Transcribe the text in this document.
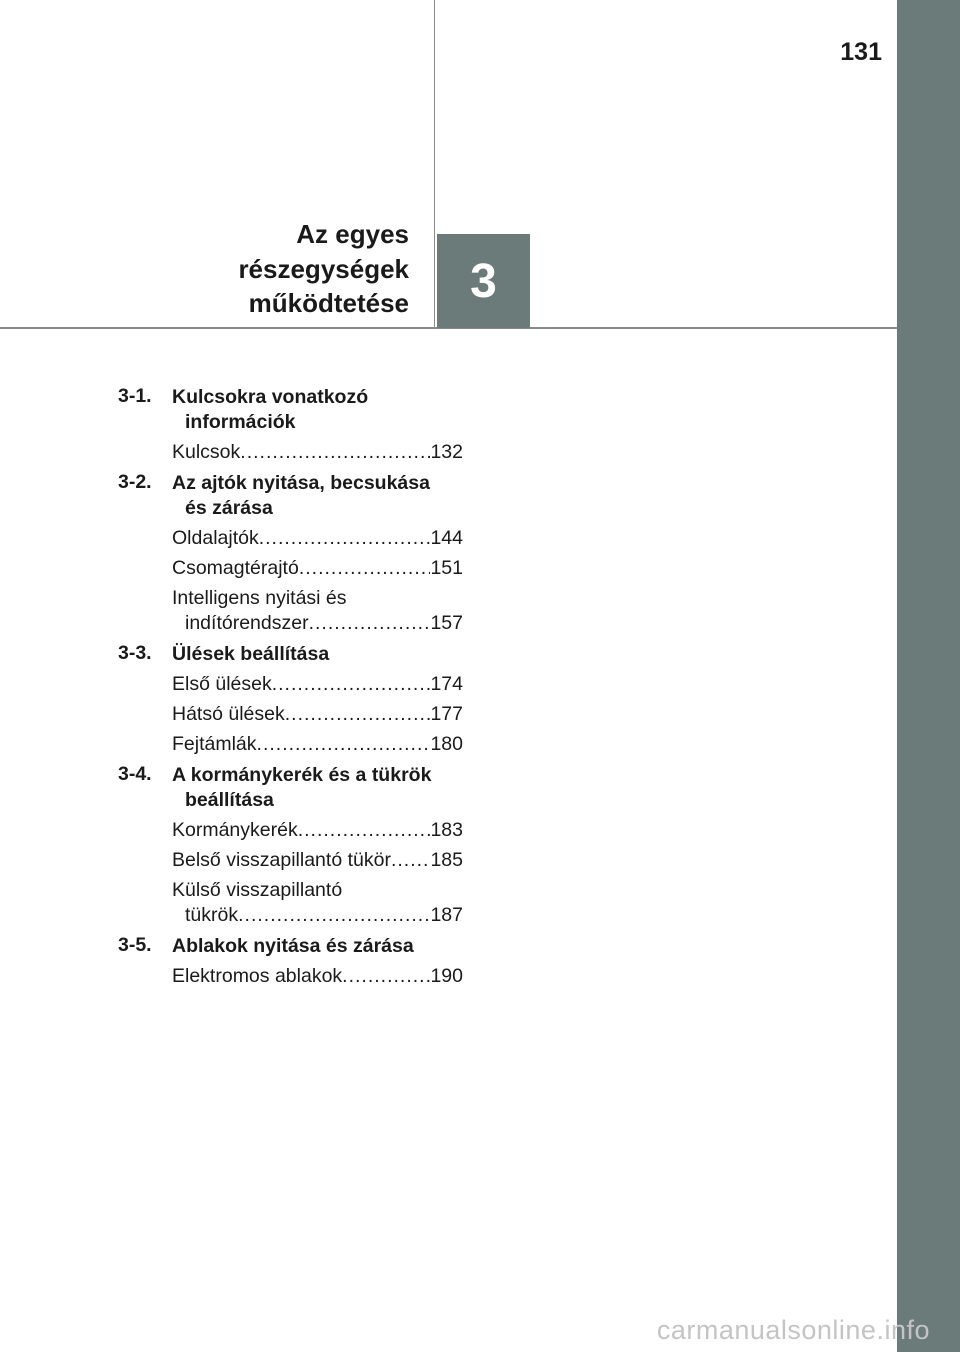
131
Az egyes
részegységek
működtetése 3
3-1. Kulcsokra vonatkozó
információk
Kulcsok .....	132
3-2. Az ajtók nyitása, becsukása
és zárása
Oldalajtók .....	144
Csomagtérajtó .....	151
Intelligens nyitási és
indítórendszer .....	157
3-3. Ülések beállítása
Első ülések .....	174
Hátsó ülések .....	177
Fejtámlák .....	180
3-4. A kormánykerék és a tükrök
beállítása
Kormánykerék .....	183
Belső visszapillantó tükör ..... 185
Külső visszapillantó
tükrök .....	187
3-5. Ablakok nyitása és zárása
Elektromos ablakok .....	190
carmanualsonline.info
